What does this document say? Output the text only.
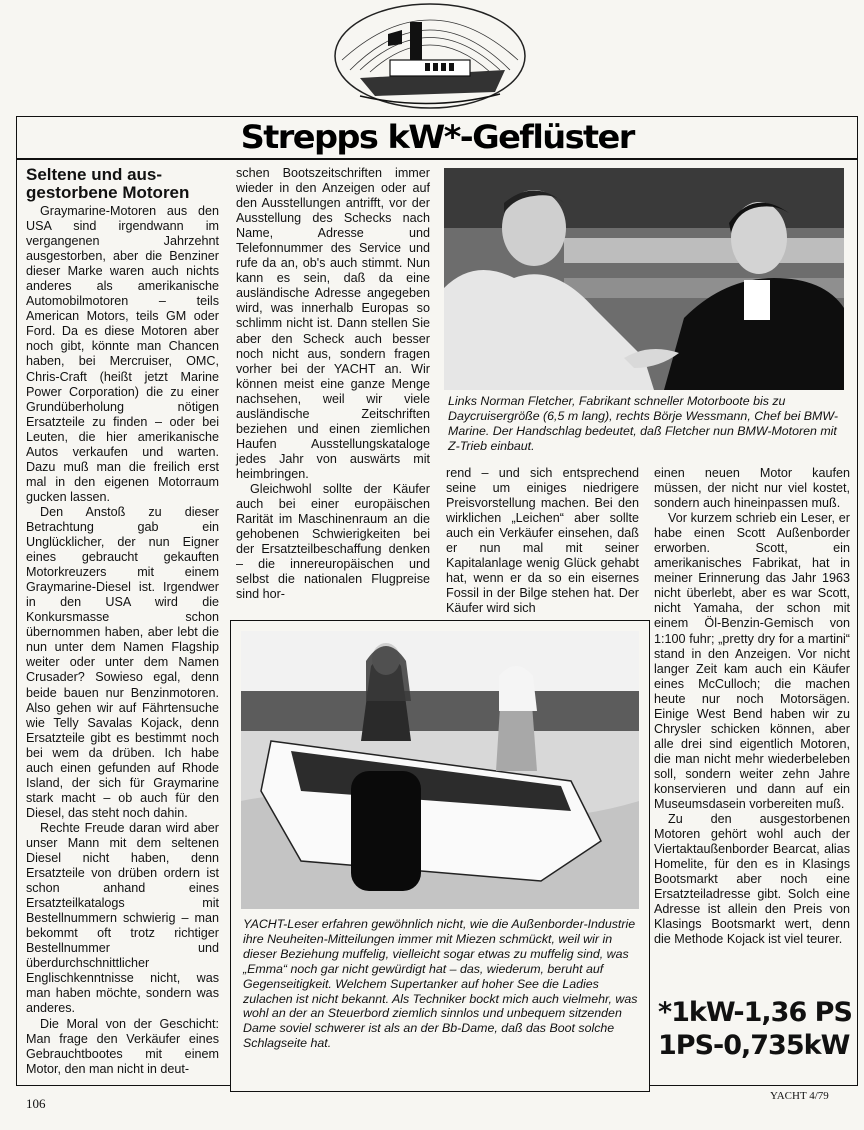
Strepps kW*-Geflüster
Seltene und aus-gestorbene Motoren

Graymarine-Motoren aus den USA sind irgendwann im vergangenen Jahrzehnt ausgestorben, aber die Benziner dieser Marke waren auch nichts anderes als amerikanische Automobilmotoren – teils American Motors, teils GM oder Ford. Da es diese Motoren aber noch gibt, könnte man Chancen haben, bei Mercruiser, OMC, Chris-Craft (heißt jetzt Marine Power Corporation) die zu einer Grundüberholung nötigen Ersatzteile zu finden – oder bei Leuten, die hier amerikanische Autos verkaufen und warten. Dazu muß man die freilich erst mal in den eigenen Motorraum gucken lassen.

Den Anstoß zu dieser Betrachtung gab ein Unglücklicher, der nun Eigner eines gebraucht gekauften Motorkreuzers mit einem Graymarine-Diesel ist. Irgendwer in den USA wird die Konkursmasse schon übernommen haben, aber lebt die nun unter dem Namen Flagship weiter oder unter dem Namen Crusader? Sowieso egal, denn beide bauen nur Benzinmotoren. Also gehen wir auf Fährtensuche wie Telly Savalas Kojack, denn Ersatzteile gibt es bestimmt noch bei wem da drüben. Ich habe auch einen gefunden auf Rhode Island, der sich für Graymarine stark macht – ob auch für den Diesel, das steht noch dahin.

Rechte Freude daran wird aber unser Mann mit dem seltenen Diesel nicht haben, denn Ersatzteile von drüben ordern ist schon anhand eines Ersatzteilkatalogs mit Bestellnummern schwierig – man bekommt oft trotz richtiger Bestellnummer und überdurchschnittlicher Englischkenntnisse nicht, was man haben möchte, sondern was anderes.

Die Moral von der Geschicht: Man frage den Verkäufer eines Gebrauchtbootes mit einem Motor, den man nicht in deut-

schen Bootszeitschriften immer wieder in den Anzeigen oder auf den Ausstellungen antrifft, vor der Ausstellung des Schecks nach Name, Adresse und Telefonnummer des Service und rufe da an, ob's auch stimmt. Nun kann es sein, daß da eine ausländische Adresse angegeben wird, was innerhalb Europas so schlimm nicht ist. Dann stellen Sie aber den Scheck auch besser noch nicht aus, sondern fragen vorher bei der YACHT an. Wir können meist eine ganze Menge nachsehen, weil wir viele ausländische Zeitschriften beziehen und einen ziemlichen Haufen Ausstellungskataloge jedes Jahr von auswärts mit heimbringen.

Gleichwohl sollte der Käufer auch bei einer europäischen Rarität im Maschinenraum an die gehobenen Schwierigkeiten bei der Ersatzteilbeschaffung denken – die innereuropäischen und selbst die nationalen Flugpreise sind hor-

Links Norman Fletcher, Fabrikant schneller Motorboote bis zu Daycruisergröße (6,5 m lang), rechts Börje Wessmann, Chef bei BMW-Marine. Der Handschlag bedeutet, daß Fletcher nun BMW-Motoren mit Z-Trieb einbaut.

rend – und sich entsprechend seine um einiges niedrigere Preisvorstellung machen. Bei den wirklichen „Leichen“ aber sollte auch ein Verkäufer einsehen, daß er nun mal mit seiner Kapitalanlage wenig Glück gehabt hat, wenn er da so ein eisernes Fossil in der Bilge stehen hat. Der Käufer wird sich

einen neuen Motor kaufen müssen, der nicht nur viel kostet, sondern auch hineinpassen muß.

Vor kurzem schrieb ein Leser, er habe einen Scott Außenborder erworben. Scott, ein amerikanisches Fabrikat, hat in meiner Erinnerung das Jahr 1963 nicht überlebt, aber es war Scott, nicht Yamaha, der schon mit einem Öl-Benzin-Gemisch von 1:100 fuhr; „pretty dry for a martini“ stand in den Anzeigen. Vor nicht langer Zeit kam auch ein Käufer eines McCulloch; die machen heute nur noch Motorsägen. Einige West Bend haben wir zu Chrysler schicken können, aber alle drei sind eigentlich Motoren, die man nicht mehr wiederbeleben soll, sondern weiter zehn Jahre konservieren und dann auf ein Museumsdasein vorbereiten muß.

Zu den ausgestorbenen Motoren gehört wohl auch der Viertaktaußenborder Bearcat, alias Homelite, für den es in Klasings Bootsmarkt aber noch eine Ersatzteiladresse gibt. Solch eine Adresse ist allein den Preis von Klasings Bootsmarkt wert, denn die Methode Kojack ist viel teurer.

YACHT-Leser erfahren gewöhnlich nicht, wie die Außenborder-Industrie ihre Neuheiten-Mitteilungen immer mit Miezen schmückt, weil wir in dieser Beziehung muffelig, vielleicht sogar etwas zu muffelig sind, was „Emma“ noch gar nicht gewürdigt hat – das, wiederum, beruht auf Gegenseitigkeit. Welchem Supertanker auf hoher See die Ladies zulachen ist nicht bekannt. Als Techniker bockt mich auch vielmehr, was wohl an der an Steuerbord ziemlich sinnlos und unbequem sitzenden Dame soviel schwerer ist als an der Bb-Dame, daß das Boot solche Schlagseite hat.
*1kW-1,36 PS
1PS-0,735kW
106	YACHT 4/79
